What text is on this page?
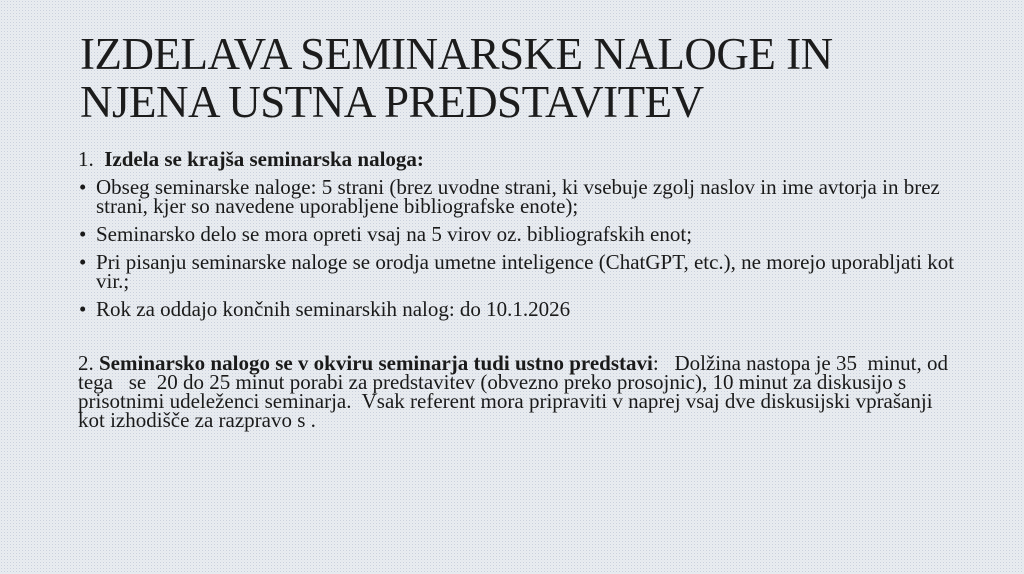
IZDELAVA SEMINARSKE NALOGE IN NJENA USTNA PREDSTAVITEV
1. Izdela se krajša seminarska naloga:
• Obseg seminarske naloge: 5 strani (brez uvodne strani, ki vsebuje zgolj naslov in ime avtorja in brez strani, kjer so navedene uporabljene bibliografske enote);
• Seminarsko delo se mora opreti vsaj na 5 virov oz. bibliografskih enot;
• Pri pisanju seminarske naloge se orodja umetne inteligence (ChatGPT, etc.), ne morejo uporabljati kot vir.;
• Rok za oddajo končnih seminarskih nalog: do 10.1.2026

2. Seminarsko nalogo se v okviru seminarja tudi ustno predstavi:   Dolžina nastopa je 35  minut, od tega   se  20 do 25 minut porabi za predstavitev (obvezno preko prosojnic), 10 minut za diskusijo s prisotnimi udeleženci seminarja.  Vsak referent mora pripraviti v naprej vsaj dve diskusijski vprašanji kot izhodišče za razpravo s .
